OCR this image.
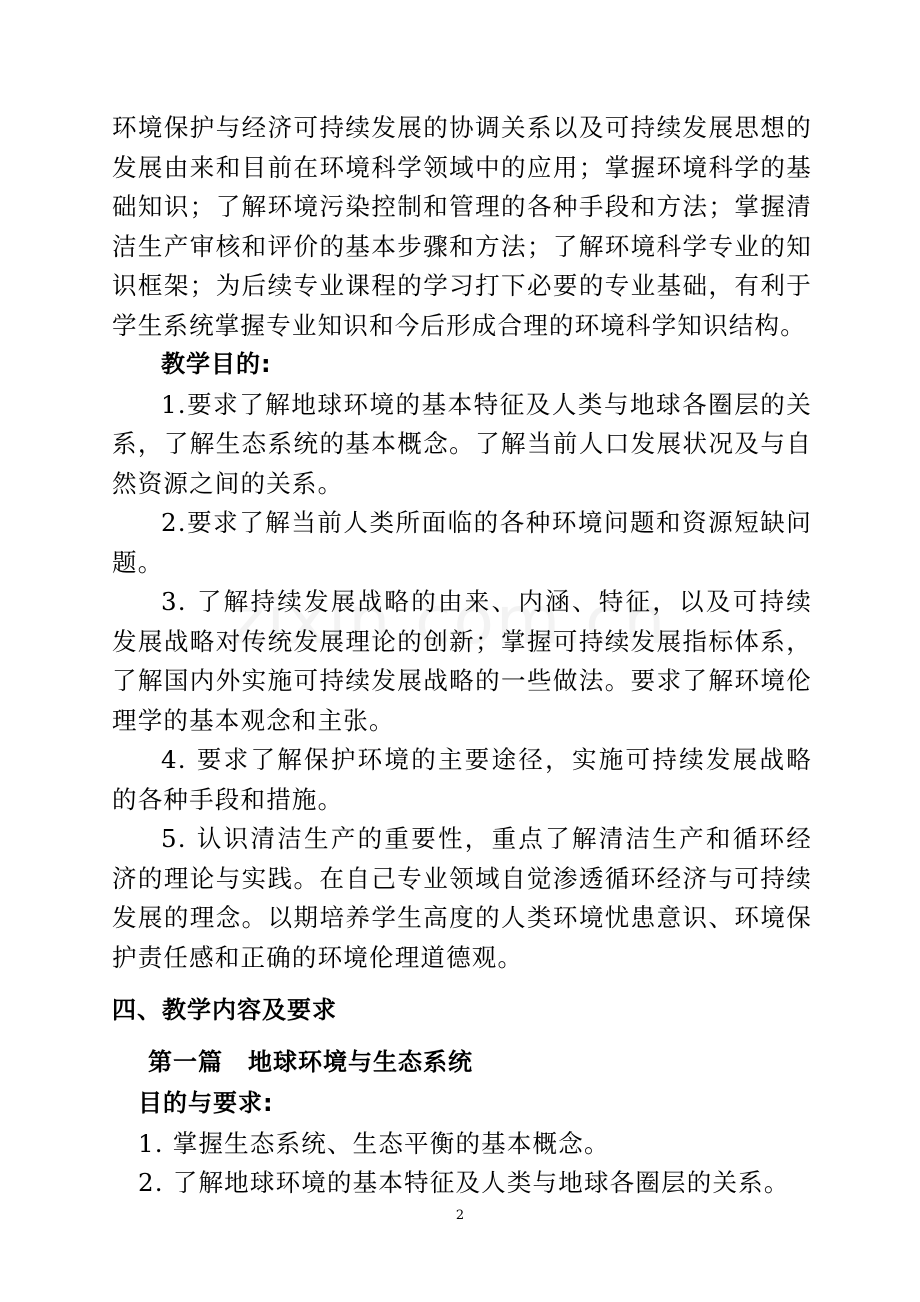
环境保护与经济可持续发展的协调关系以及可持续发展思想的发展由来和目前在环境科学领域中的应用；掌握环境科学的基础知识；了解环境污染控制和管理的各种手段和方法；掌握清洁生产审核和评价的基本步骤和方法；了解环境科学专业的知识框架；为后续专业课程的学习打下必要的专业基础，有利于学生系统掌握专业知识和今后形成合理的环境科学知识结构。

教学目的:

1.要求了解地球环境的基本特征及人类与地球各圈层的关系，了解生态系统的基本概念。了解当前人口发展状况及与自然资源之间的关系。

2.要求了解当前人类所面临的各种环境问题和资源短缺问题。

3. 了解持续发展战略的由来、内涵、特征，以及可持续发展战略对传统发展理论的创新；掌握可持续发展指标体系，了解国内外实施可持续发展战略的一些做法。要求了解环境伦理学的基本观念和主张。

4. 要求了解保护环境的主要途径，实施可持续发展战略的各种手段和措施。

5. 认识清洁生产的重要性，重点了解清洁生产和循环经济的理论与实践。在自己专业领域自觉渗透循环经济与可持续发展的理念。以期培养学生高度的人类环境忧患意识、环境保护责任感和正确的环境伦理道德观。

四、教学内容及要求

第一篇　地球环境与生态系统

目的与要求:

1. 掌握生态系统、生态平衡的基本概念。

2. 了解地球环境的基本特征及人类与地球各圈层的关系。

2
